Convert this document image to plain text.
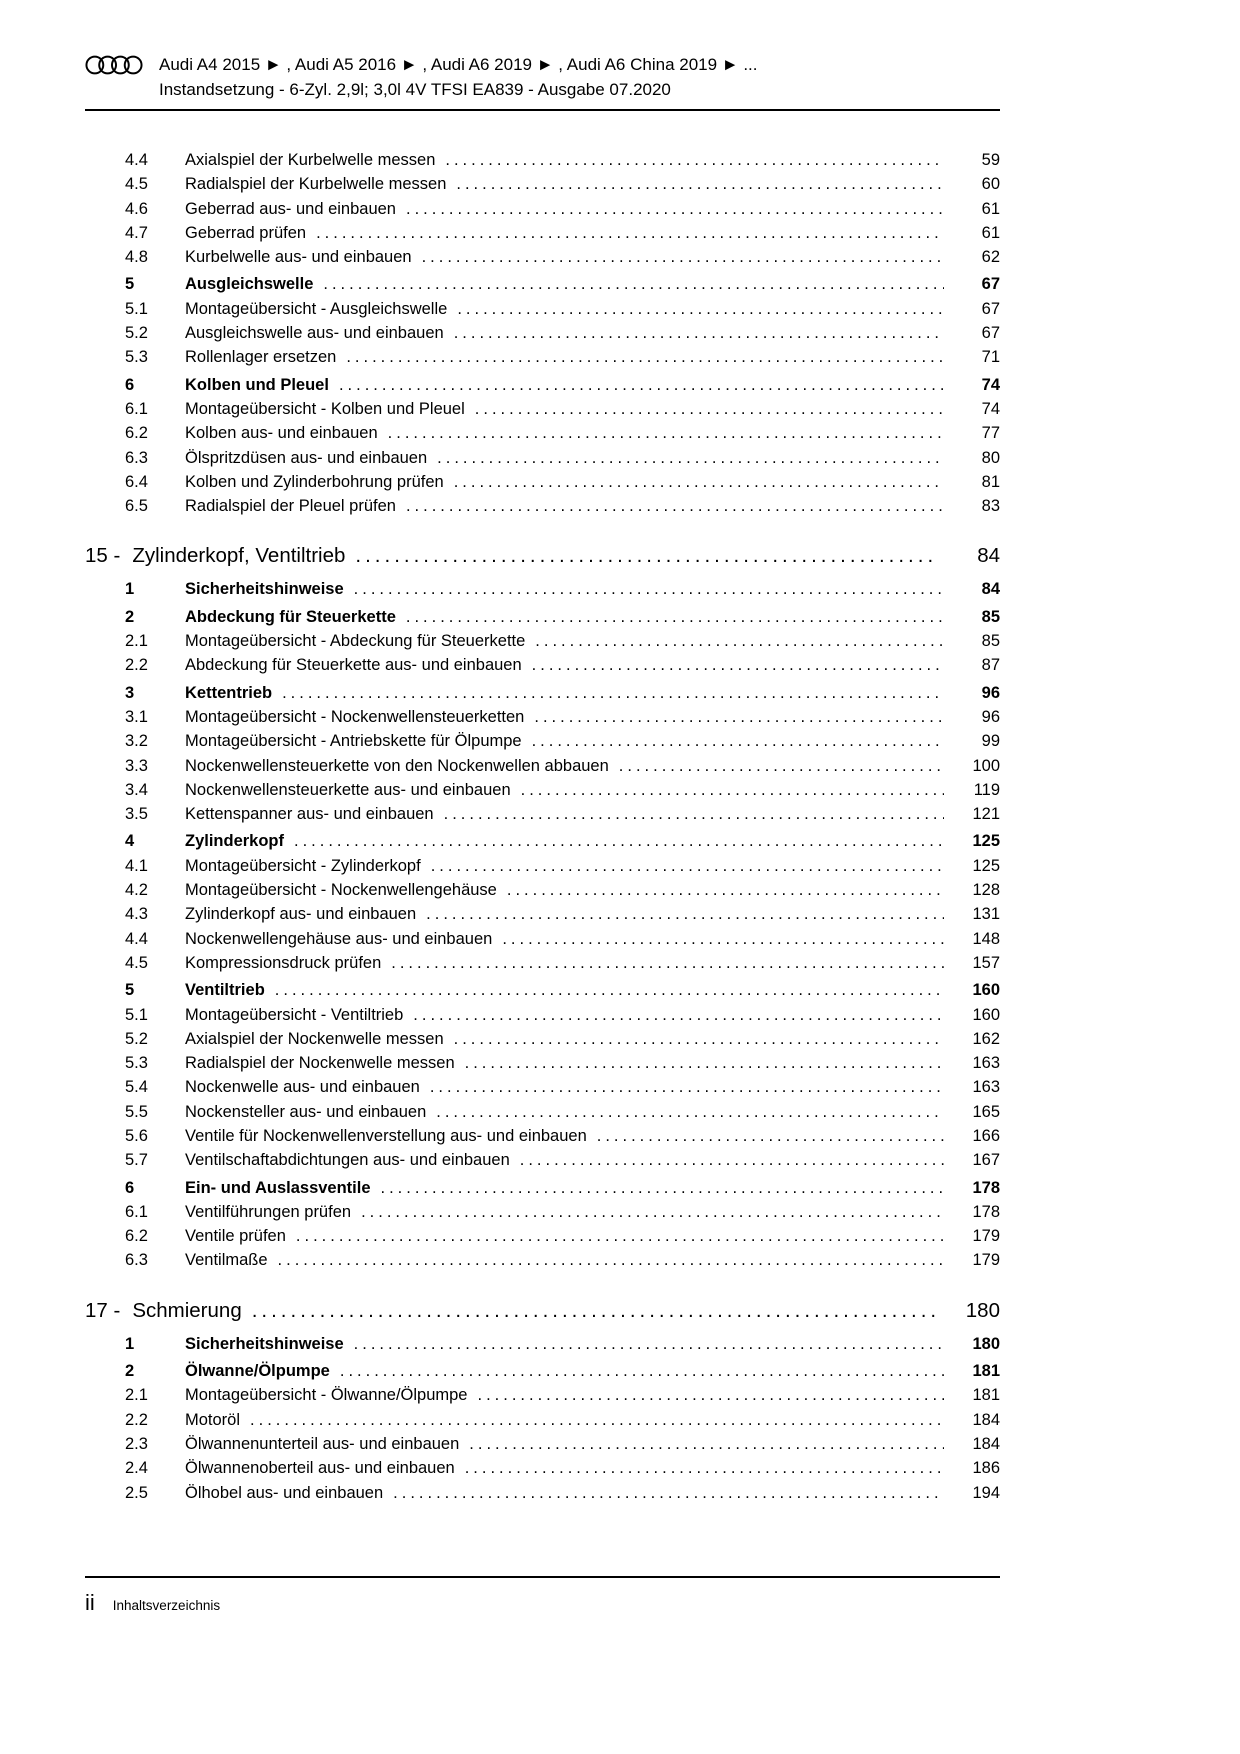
Audi A4 2015 ► , Audi A5 2016 ► , Audi A6 2019 ► , Audi A6 China 2019 ► ...
Instandsetzung - 6-Zyl. 2,9l; 3,0l 4V TFSI EA839 - Ausgabe 07.2020
4.4	Axialspiel der Kurbelwelle messen .....	59
4.5	Radialspiel der Kurbelwelle messen .....	60
4.6	Geberrad aus- und einbauen .....	61
4.7	Geberrad prüfen .....	61
4.8	Kurbelwelle aus- und einbauen .....	62
5	Ausgleichswelle .....	67
5.1	Montageübersicht - Ausgleichswelle .....	67
5.2	Ausgleichswelle aus- und einbauen .....	67
5.3	Rollenlager ersetzen .....	71
6	Kolben und Pleuel .....	74
6.1	Montageübersicht - Kolben und Pleuel .....	74
6.2	Kolben aus- und einbauen .....	77
6.3	Ölspritzdüsen aus- und einbauen .....	80
6.4	Kolben und Zylinderbohrung prüfen .....	81
6.5	Radialspiel der Pleuel prüfen .....	83
15 - Zylinderkopf, Ventiltrieb .....	84
1	Sicherheitshinweise .....	84
2	Abdeckung für Steuerkette .....	85
2.1	Montageübersicht - Abdeckung für Steuerkette .....	85
2.2	Abdeckung für Steuerkette aus- und einbauen .....	87
3	Kettentrieb .....	96
3.1	Montageübersicht - Nockenwellensteuerketten .....	96
3.2	Montageübersicht - Antriebskette für Ölpumpe .....	99
3.3	Nockenwellensteuerkette von den Nockenwellen abbauen .....	100
3.4	Nockenwellensteuerkette aus- und einbauen .....	119
3.5	Kettenspanner aus- und einbauen .....	121
4	Zylinderkopf .....	125
4.1	Montageübersicht - Zylinderkopf .....	125
4.2	Montageübersicht - Nockenwellengehäuse .....	128
4.3	Zylinderkopf aus- und einbauen .....	131
4.4	Nockenwellengehäuse aus- und einbauen .....	148
4.5	Kompressionsdruck prüfen .....	157
5	Ventiltrieb .....	160
5.1	Montageübersicht - Ventiltrieb .....	160
5.2	Axialspiel der Nockenwelle messen .....	162
5.3	Radialspiel der Nockenwelle messen .....	163
5.4	Nockenwelle aus- und einbauen .....	163
5.5	Nockensteller aus- und einbauen .....	165
5.6	Ventile für Nockenwellenverstellung aus- und einbauen .....	166
5.7	Ventilschaftabdichtungen aus- und einbauen .....	167
6	Ein- und Auslassventile .....	178
6.1	Ventilführungen prüfen .....	178
6.2	Ventile prüfen .....	179
6.3	Ventilmaße .....	179
17 - Schmierung .....	180
1	Sicherheitshinweise .....	180
2	Ölwanne/Ölpumpe .....	181
2.1	Montageübersicht - Ölwanne/Ölpumpe .....	181
2.2	Motoröl .....	184
2.3	Ölwannenunterteil aus- und einbauen .....	184
2.4	Ölwannenoberteil aus- und einbauen .....	186
2.5	Ölhobel aus- und einbauen .....	194
ii Inhaltsverzeichnis
